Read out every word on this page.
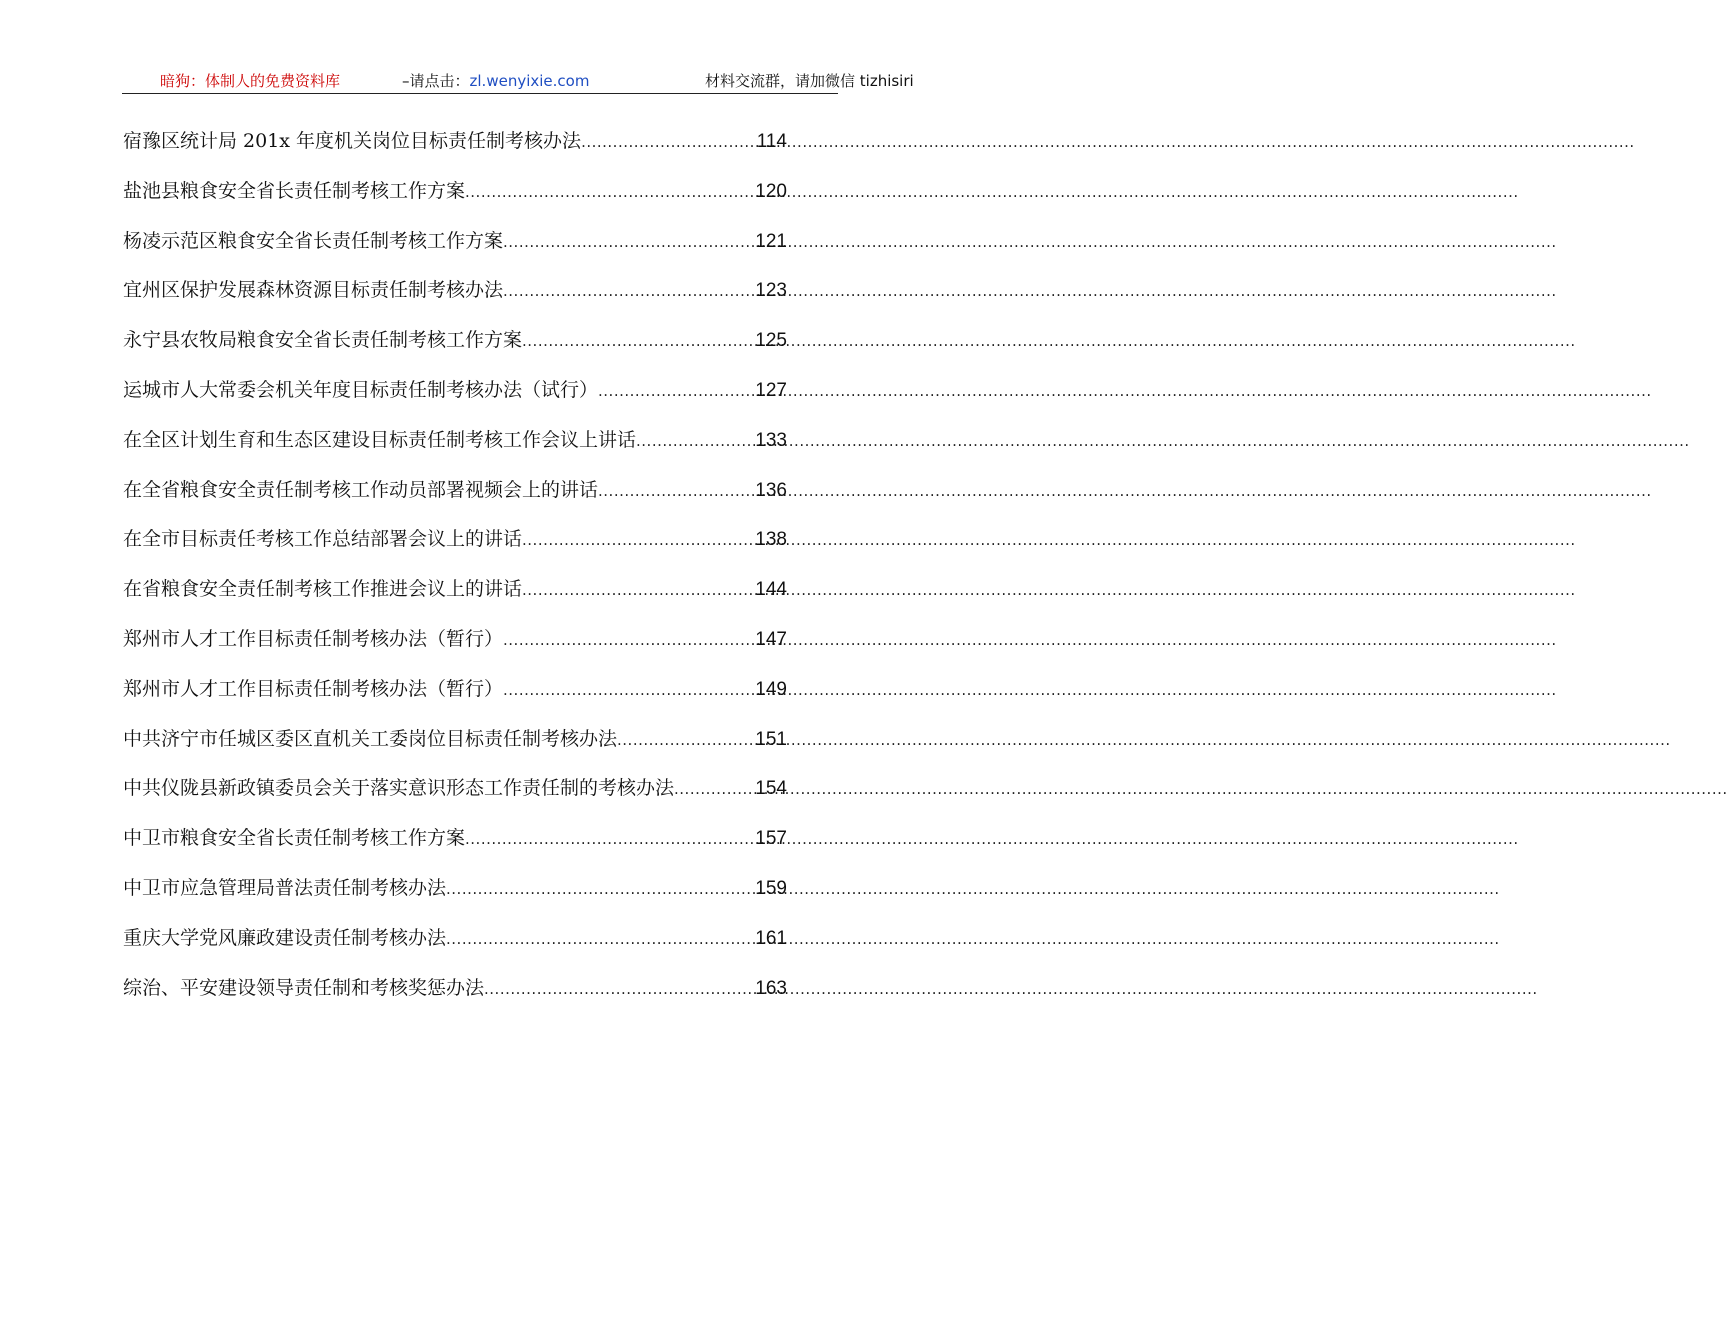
暗狗：体制人的免费资料库	–请点击：zl.wenyixie.com	材料交流群，请加微信 tizhisiri
宿豫区统计局 201x 年度机关岗位目标责任制考核办法 .....	114
盐池县粮食安全省长责任制考核工作方案 .....	120
杨凌示范区粮食安全省长责任制考核工作方案 .....	121
宜州区保护发展森林资源目标责任制考核办法 .....	123
永宁县农牧局粮食安全省长责任制考核工作方案 .....	125
运城市人大常委会机关年度目标责任制考核办法（试行） .....	127
在全区计划生育和生态区建设目标责任制考核工作会议上讲话 .....	133
在全省粮食安全责任制考核工作动员部署视频会上的讲话 .....	136
在全市目标责任考核工作总结部署会议上的讲话 .....	138
在省粮食安全责任制考核工作推进会议上的讲话 .....	144
郑州市人才工作目标责任制考核办法（暂行） .....	147
郑州市人才工作目标责任制考核办法（暂行） .....	149
中共济宁市任城区委区直机关工委岗位目标责任制考核办法 .....	151
中共仪陇县新政镇委员会关于落实意识形态工作责任制的考核办法 .....	154
中卫市粮食安全省长责任制考核工作方案 .....	157
中卫市应急管理局普法责任制考核办法 .....	159
重庆大学党风廉政建设责任制考核办法 .....	161
综治、平安建设领导责任制和考核奖惩办法 .....	163
